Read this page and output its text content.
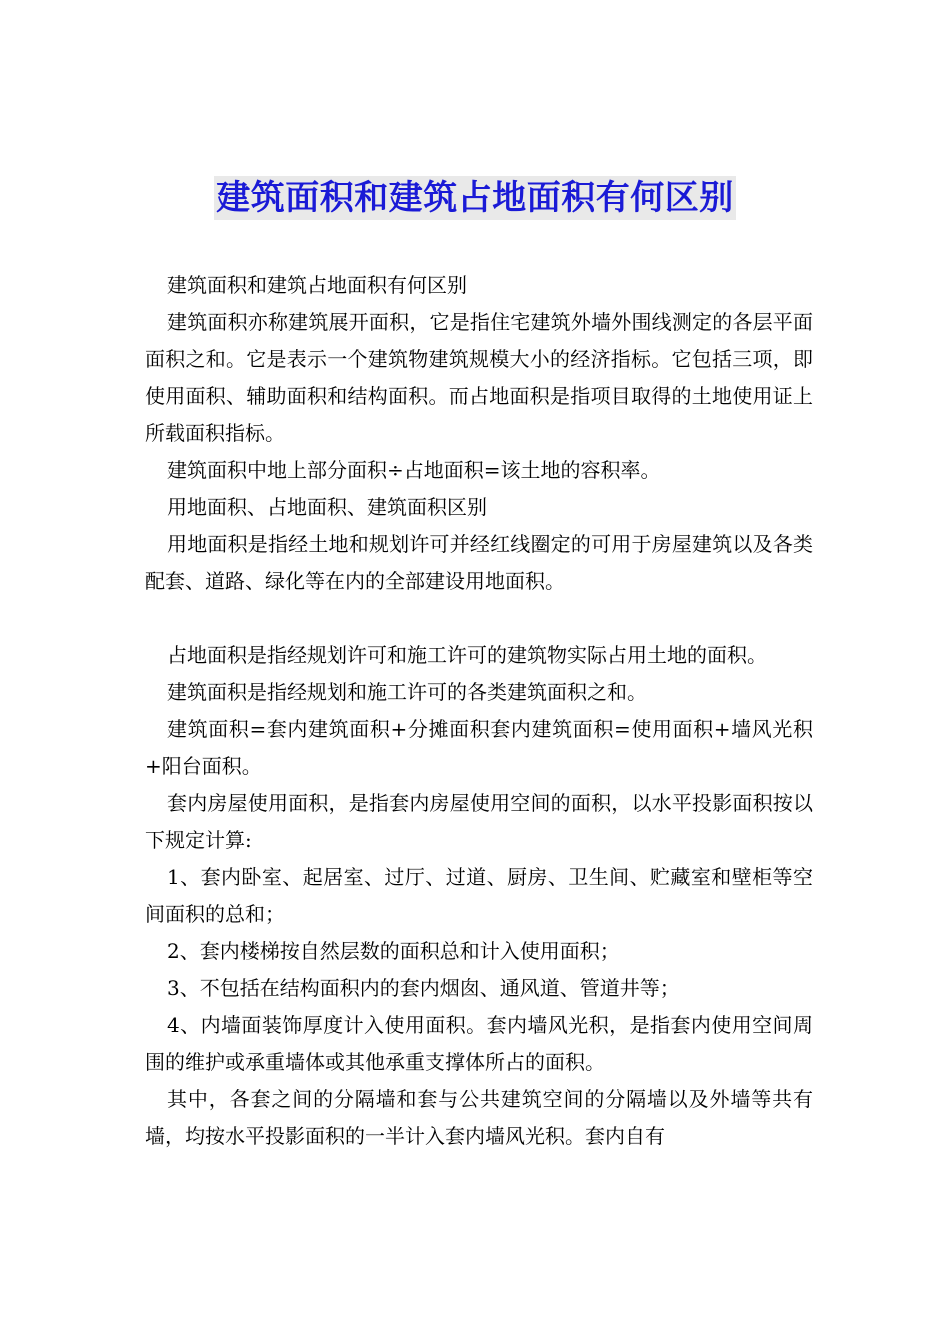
建筑面积和建筑占地面积有何区别

建筑面积和建筑占地面积有何区别

建筑面积亦称建筑展开面积，它是指住宅建筑外墙外围线测定的各层平面面积之和。它是表示一个建筑物建筑规模大小的经济指标。它包括三项，即使用面积、辅助面积和结构面积。而占地面积是指项目取得的土地使用证上所载面积指标。

建筑面积中地上部分面积÷占地面积=该土地的容积率。

用地面积、占地面积、建筑面积区别

用地面积是指经土地和规划许可并经红线圈定的可用于房屋建筑以及各类配套、道路、绿化等在内的全部建设用地面积。

占地面积是指经规划许可和施工许可的建筑物实际占用土地的面积。

建筑面积是指经规划和施工许可的各类建筑面积之和。

建筑面积=套内建筑面积+分摊面积套内建筑面积=使用面积+墙风光积+阳台面积。

套内房屋使用面积，是指套内房屋使用空间的面积，以水平投影面积按以下规定计算:

1、套内卧室、起居室、过厅、过道、厨房、卫生间、贮藏室和壁柜等空间面积的总和；

2、套内楼梯按自然层数的面积总和计入使用面积；

3、不包括在结构面积内的套内烟囱、通风道、管道井等；

4、内墙面装饰厚度计入使用面积。套内墙风光积，是指套内使用空间周围的维护或承重墙体或其他承重支撑体所占的面积。

其中，各套之间的分隔墙和套与公共建筑空间的分隔墙以及外墙等共有墙，均按水平投影面积的一半计入套内墙风光积。套内自有
